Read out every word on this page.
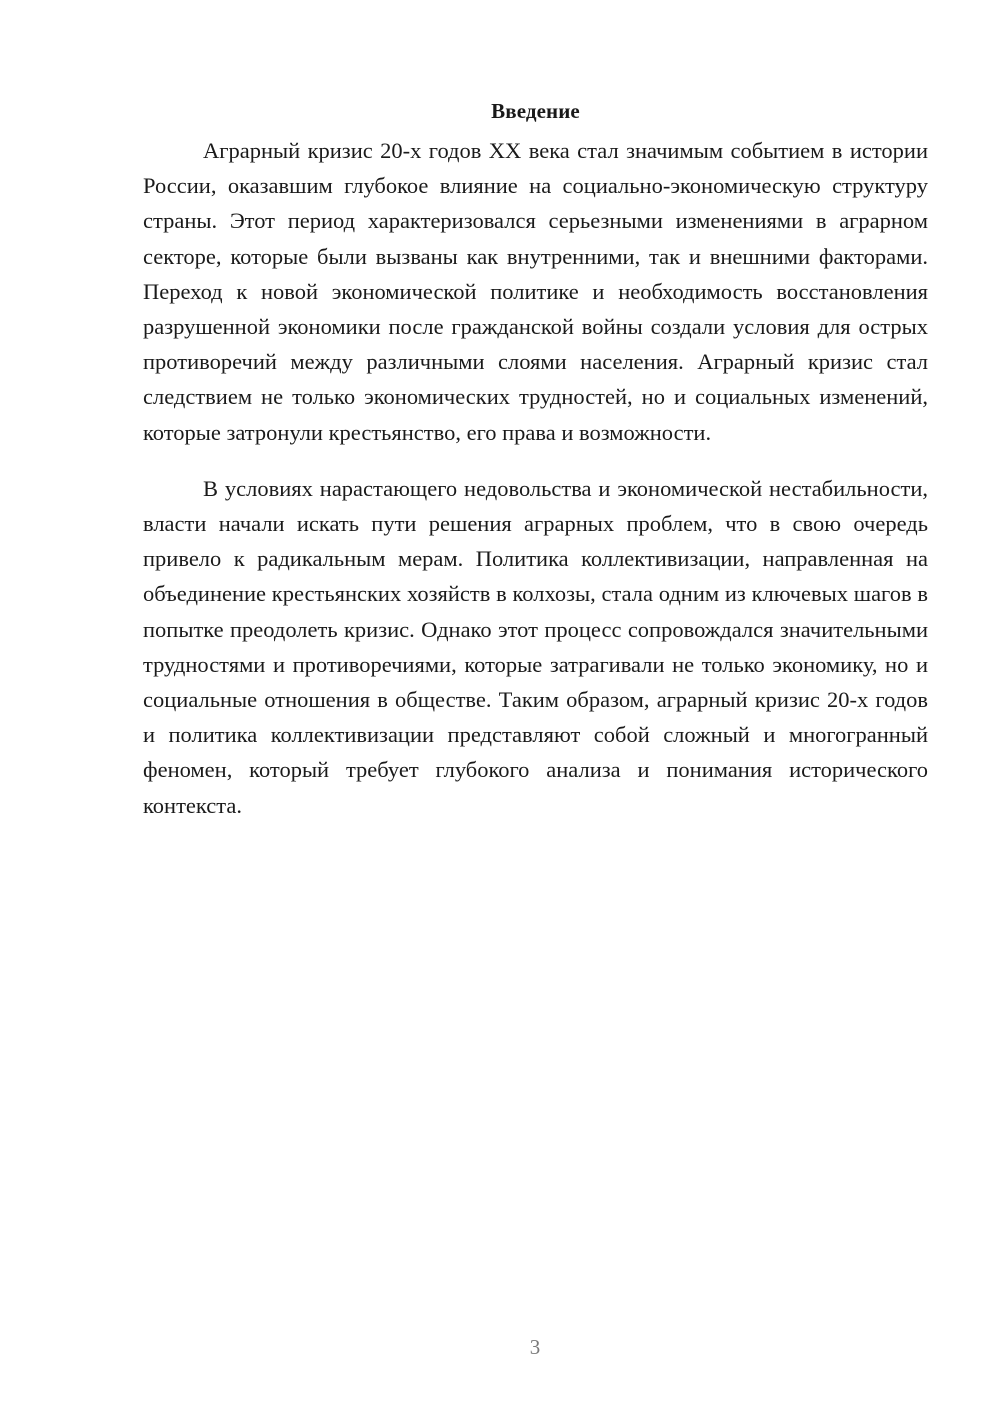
Введение

Аграрный кризис 20-х годов XX века стал значимым событием в истории России, оказавшим глубокое влияние на социально-экономическую структуру страны. Этот период характеризовался серьезными изменениями в аграрном секторе, которые были вызваны как внутренними, так и внешними факторами. Переход к новой экономической политике и необходимость восстановления разрушенной экономики после гражданской войны создали условия для острых противоречий между различными слоями населения. Аграрный кризис стал следствием не только экономических трудностей, но и социальных изменений, которые затронули крестьянство, его права и возможности.

В условиях нарастающего недовольства и экономической нестабильности, власти начали искать пути решения аграрных проблем, что в свою очередь привело к радикальным мерам. Политика коллективизации, направленная на объединение крестьянских хозяйств в колхозы, стала одним из ключевых шагов в попытке преодолеть кризис. Однако этот процесс сопровождался значительными трудностями и противоречиями, которые затрагивали не только экономику, но и социальные отношения в обществе. Таким образом, аграрный кризис 20-х годов и политика коллективизации представляют собой сложный и многогранный феномен, который требует глубокого анализа и понимания исторического контекста.

3
